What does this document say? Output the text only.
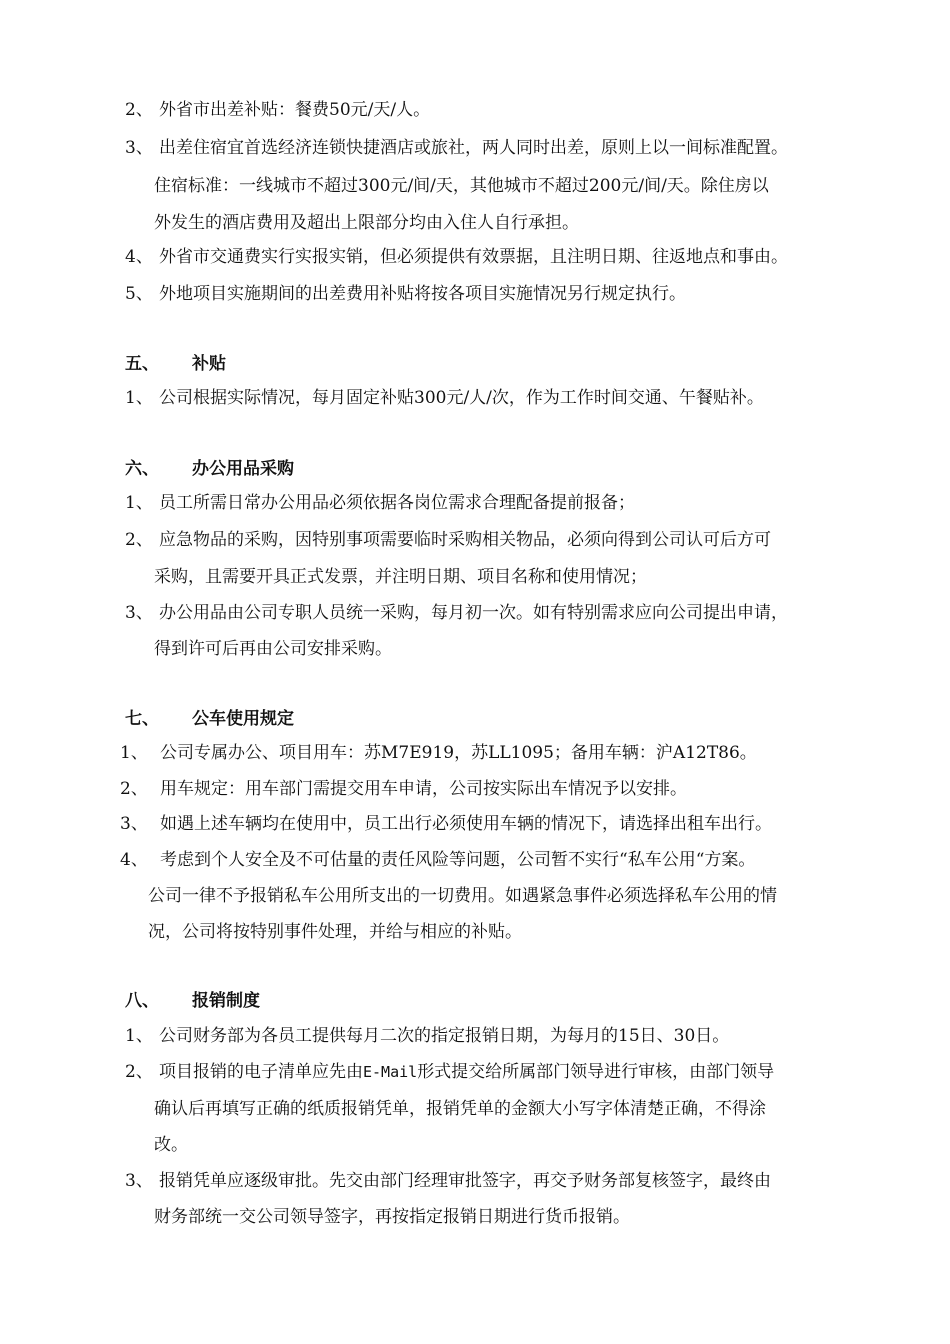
2、 外省市出差补贴：餐费50元/天/人。
3、 出差住宿宜首选经济连锁快捷酒店或旅社，两人同时出差，原则上以一间标准配置。
住宿标准：一线城市不超过300元/间/天，其他城市不超过200元/间/天。除住房以
外发生的酒店费用及超出上限部分均由入住人自行承担。
4、 外省市交通费实行实报实销，但必须提供有效票据，且注明日期、往返地点和事由。
5、 外地项目实施期间的出差费用补贴将按各项目实施情况另行规定执行。
五、 补贴
1、 公司根据实际情况，每月固定补贴300元/人/次，作为工作时间交通、午餐贴补。
六、 办公用品采购
1、 员工所需日常办公用品必须依据各岗位需求合理配备提前报备；
2、 应急物品的采购，因特别事项需要临时采购相关物品，必须向得到公司认可后方可
采购，且需要开具正式发票，并注明日期、项目名称和使用情况；
3、 办公用品由公司专职人员统一采购，每月初一次。如有特别需求应向公司提出申请，
得到许可后再由公司安排采购。
七、 公车使用规定
1、 公司专属办公、项目用车：苏M7E919，苏LL1095；备用车辆：沪A12T86。
2、 用车规定：用车部门需提交用车申请，公司按实际出车情况予以安排。
3、 如遇上述车辆均在使用中，员工出行必须使用车辆的情况下，请选择出租车出行。
4、 考虑到个人安全及不可估量的责任风险等问题，公司暂不实行“私车公用“方案。
公司一律不予报销私车公用所支出的一切费用。如遇紧急事件必须选择私车公用的情
况，公司将按特别事件处理，并给与相应的补贴。
八、 报销制度
1、 公司财务部为各员工提供每月二次的指定报销日期，为每月的15日、30日。
2、 项目报销的电子清单应先由E-Mail形式提交给所属部门领导进行审核，由部门领导
确认后再填写正确的纸质报销凭单，报销凭单的金额大小写字体清楚正确，不得涂
改。
3、 报销凭单应逐级审批。先交由部门经理审批签字，再交予财务部复核签字，最终由
财务部统一交公司领导签字，再按指定报销日期进行货币报销。
